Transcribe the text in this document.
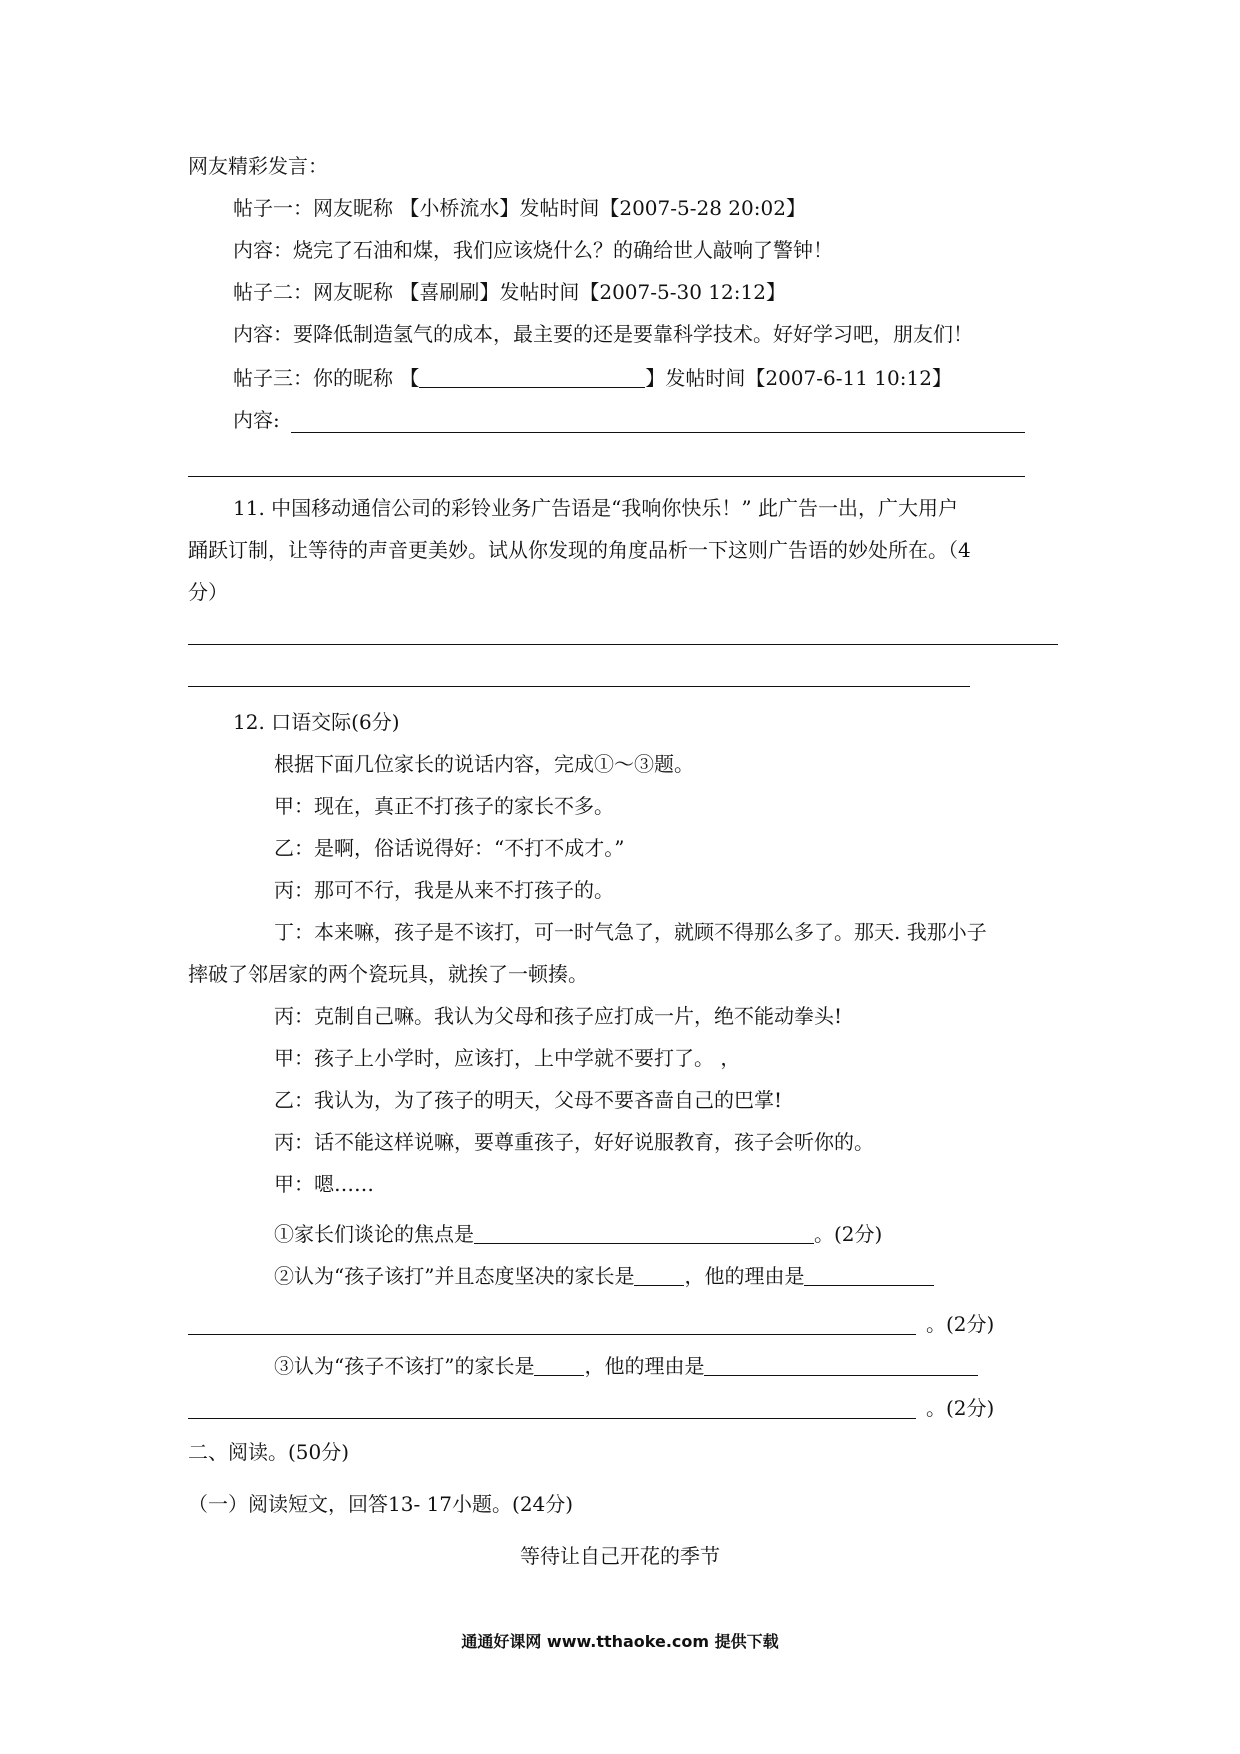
网友精彩发言：
帖子一：网友昵称 【小桥流水】发帖时间【2007-5-28 20:02】
内容：烧完了石油和煤，我们应该烧什么？的确给世人敲响了警钟！
帖子二：网友昵称 【喜刷刷】发帖时间【2007-5-30 12:12】
内容：要降低制造氢气的成本，最主要的还是要靠科学技术。好好学习吧，朋友们！
帖子三：你的昵称 【	】发帖时间【2007-6-11 10:12】
内容:
11. 中国移动通信公司的彩铃业务广告语是“我响你快乐！” 此广告一出，广大用户
踊跃订制，让等待的声音更美妙。试从你发现的角度品析一下这则广告语的妙处所在。（4
分）
12. 口语交际(6分)
根据下面几位家长的说话内容，完成①～③题。
甲：现在，真正不打孩子的家长不多。
乙：是啊，俗话说得好：“不打不成才。”
丙：那可不行，我是从来不打孩子的。
丁：本来嘛，孩子是不该打，可一时气急了，就顾不得那么多了。那天. 我那小子
摔破了邻居家的两个瓷玩具，就挨了一顿揍。
丙：克制自己嘛。我认为父母和孩子应打成一片，绝不能动拳头!
甲：孩子上小学时，应该打，上中学就不要打了。 ，
乙：我认为，为了孩子的明天，父母不要吝啬自己的巴掌!
丙：话不能这样说嘛，要尊重孩子，好好说服教育，孩子会听你的。
甲：嗯……
①家长们谈论的焦点是	。(2分)
②认为“孩子该打”并且态度坚决的家长是	，他的理由是
。(2分)
③认为“孩子不该打”的家长是	，他的理由是
。(2分)
二、阅读。(50分)
（一）阅读短文，回答13- 17小题。(24分)
等待让自己开花的季节
通通好课网 www.tthaoke.com 提供下载
